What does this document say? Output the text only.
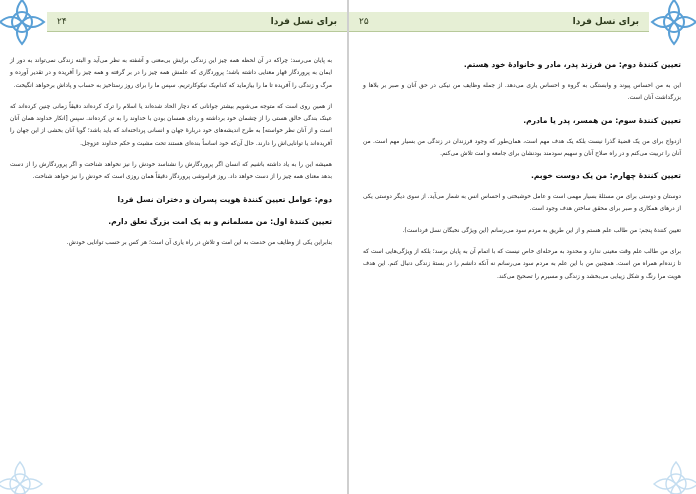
۲۵	برای نسل فردا
تعیین کنندهٔ دوم: من فرزند پدر، مادر و خانوادهٔ خود هستم.

این به من احساس پیوند و وابستگی به گروه و احساس یاری می‌دهد. از جمله وظایف من نیکی در حق آنان و صبر بر بلاها و بزرگداشت آنان است.

تعیین کنندهٔ سوم: من همسر، پدر یا مادرم.

ازدواج برای من یک قضیهٔ گذرا نیست بلکه یک هدف مهم است، همان‌طور که وجود فرزندان در زندگی من بسیار مهم است. من آنان را تربیت می‌کنم و در راه صلاح آنان و سهیم سودمند بودنشان برای جامعه و امت تلاش می‌کنم.

تعیین کنندهٔ چهارم: من یک دوست خوبم.

دوستان و دوستی برای من مسئلهٔ بسیار مهمی است و عامل خوشبختی و احساس انس به شمار می‌آید. از سوی دیگر دوستی یکی از درهای همکاری و صبر برای محقق ساختن هدف وجود است.

تعیین کنندهٔ پنجم: من طالب علم هستم و از این طریق به مردم سود می‌رسانم (این ویژگی نخبگان نسل فرداست).

برای من طالب علم وقت معینی ندارد و محدود به مرحله‌ای خاص نیست که با اتمام آن به پایان برسد؛ بلکه از ویژگی‌هایی است که تا زنده‌ام همراه من است. همچنین من با این علم به مردم سود می‌رسانم نه آنکه دانشم را در بستهٔ زندگی دنبال کنم. این هدف هویت مرا رنگ و شکل زیبایی می‌بخشد و زندگی و مسیرم را تصحیح می‌کند.

۲۴	برای نسل فردا

به پایان می‌رسد: چراکه در آن لحظه همه چیز این زندگی برایش بی‌معنی و آشفته به نظر می‌آید و البته زندگی نمی‌تواند به دور از ایمان به پروردگار قهار معنایی داشته باشد؛ پروردگاری که علمش همه چیز را در بر گرفته و همه چیز را آفریده و در تقدیر آورده و مرگ و زندگی را آفریده تا ما را بیازماید که کدام‌یک نیکوکارتریم. سپس ما را برای روز رستاخیز به حساب و پاداش برخواهد انگیخت.

از همین روی است که متوجه می‌شویم بیشتر جوانانی که دچار الحاد شده‌اند یا اسلام را ترک کرده‌اند دقیقاً زمانی چنین کرده‌اند که عینک بندگی خالق هستی را از چشمان خود برداشته و ردای همسان بودن با خداوند را به تن کرده‌اند. سپس [انکار خداوند همان آنان است و از آنان نظر خواسته] به طرح اندیشه‌های خود دربارهٔ جهان و انسانی پرداخته‌اند که باید باشد؛ گویا آنان بخشی از این جهان را آفریده‌اند یا توانایی‌اش را دارند. حال آن‌که خود اساساً بنده‌ای هستند تحت مشیت و حکم خداوند عزوجل.

همیشه این را به یاد داشته باشیم که انسان اگر پروردگارش را نشناسد خودش را نیز نخواهد شناخت و اگر پروردگارش را از دست بدهد معنای همه چیز را از دست خواهد داد. روز فراموشی پروردگار دقیقاً همان روزی است که خودش را نیز خواهد شناخت.

دوم: عوامل تعیین کنندهٔ هویت پسران و دختران نسل فردا
تعیین کنندهٔ اول: من مسلمانم و به یک امت بزرگ تعلق دارم.

بنابراین یکی از وظایف من خدمت به این امت و تلاش در راه یاری آن است؛ هر کس بر حسب توانایی خودش.
